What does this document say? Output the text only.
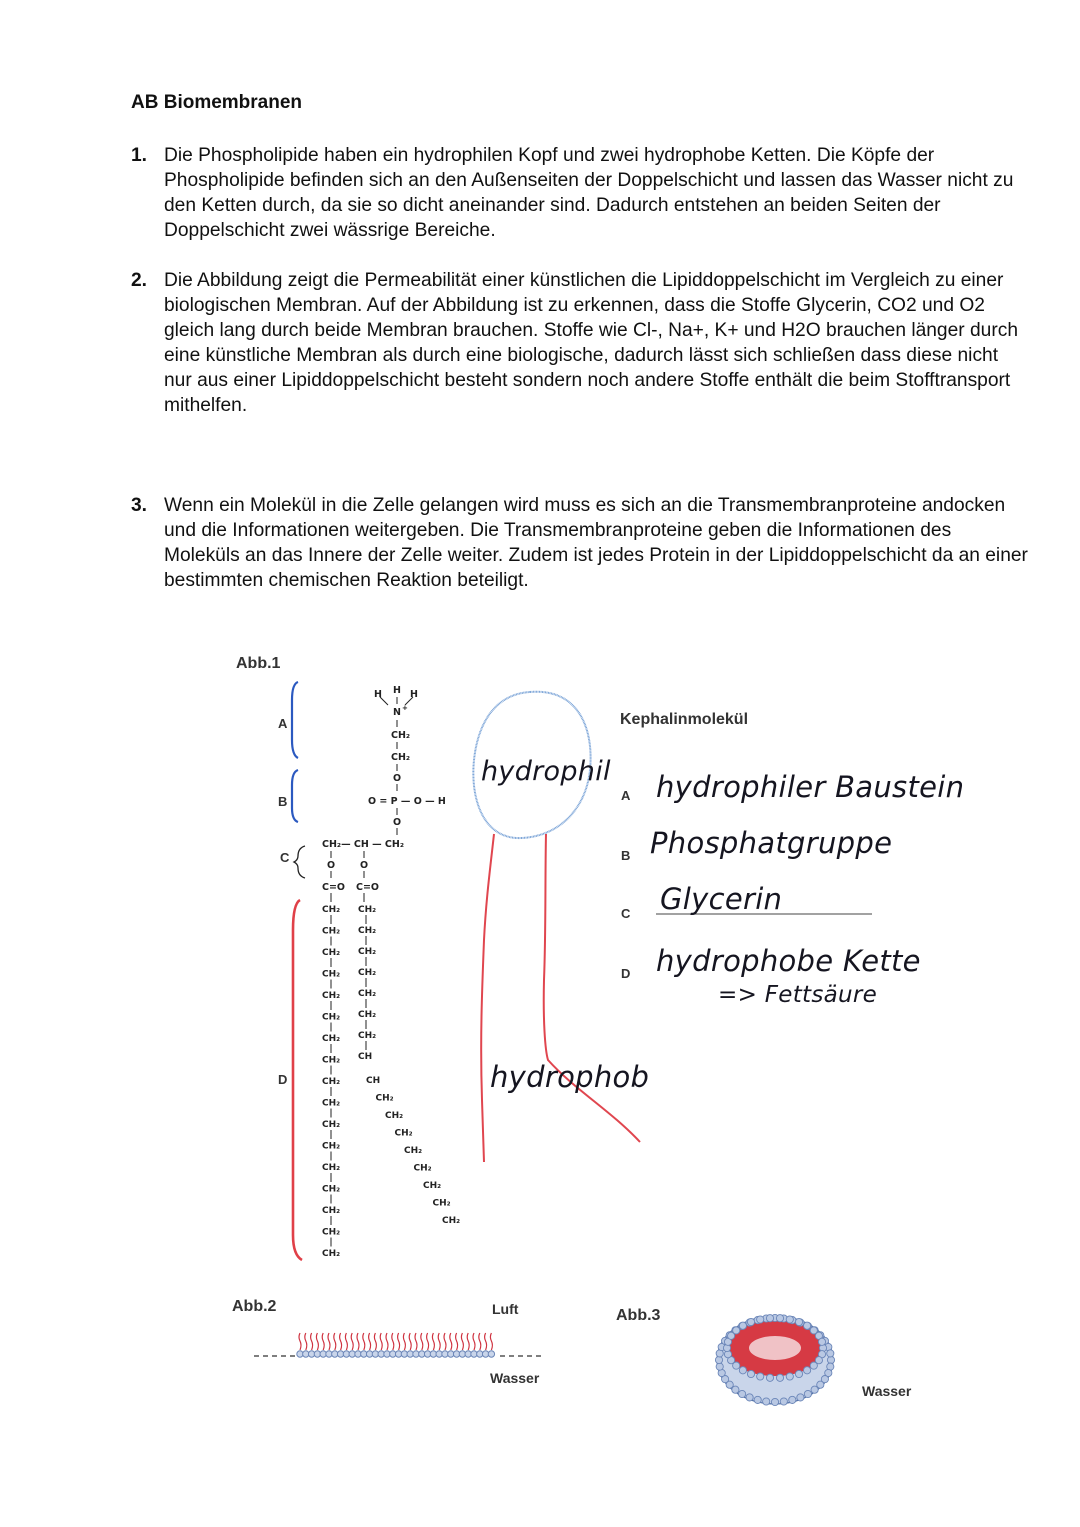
AB Biomembranen
1. Die Phospholipide haben ein hydrophilen Kopf und zwei hydrophobe Ketten. Die Köpfe der Phospholipide befinden sich an den Außenseiten der Doppelschicht und lassen das Wasser nicht zu den Ketten durch, da sie so dicht aneinander sind. Dadurch entstehen an beiden Seiten der Doppelschicht zwei wässrige Bereiche.
2. Die Abbildung zeigt die Permeabilität einer künstlichen die Lipiddoppelschicht im Vergleich zu einer biologischen Membran. Auf der Abbildung ist zu erkennen, dass die Stoffe Glycerin, CO2 und O2 gleich lang durch beide Membran brauchen. Stoffe wie Cl-, Na+, K+ und H2O brauchen länger durch eine künstliche Membran als durch eine biologische, dadurch lässt sich schließen dass diese nicht nur aus einer Lipiddoppelschicht besteht sondern noch andere Stoffe enthält die beim Stofftransport mithelfen.
3. Wenn ein Molekül in die Zelle gelangen wird muss es sich an die Transmembranproteine andocken und die Informationen weitergeben. Die Transmembranproteine geben die Informationen des Moleküls an das Innere der Zelle weiter. Zudem ist jedes Protein in der Lipiddoppelschicht da an einer bestimmten chemischen Reaktion beteiligt.
Abb.1
Kephalinmolekül
A
B
C
D
H H H
N +
CH₂
CH₂
O
O = P — O — H
O
CH₂— CH — CH₂
O	O
C=O C=O
CH₂
CH₂
CH₂
CH₂
CH₂
CH₂
CH₂
CH₂
CH₂
CH₂
CH₂
CH₂
CH₂
CH₂
CH₂
CH₂
CH₂
CH₂
CH₂
CH₂
CH₂
CH₂
CH₂
CH₂
CH
CH
CH₂
CH₂
CH₂
CH₂
CH₂
CH₂
CH₂
CH₂
hydrophil
hydrophob
A
B
C
D
hydrophiler Baustein
Phosphatgruppe
Glycerin
hydrophobe Kette
=> Fettsäure
Abb.2	Luft
Wasser
Abb.3
Wasser
